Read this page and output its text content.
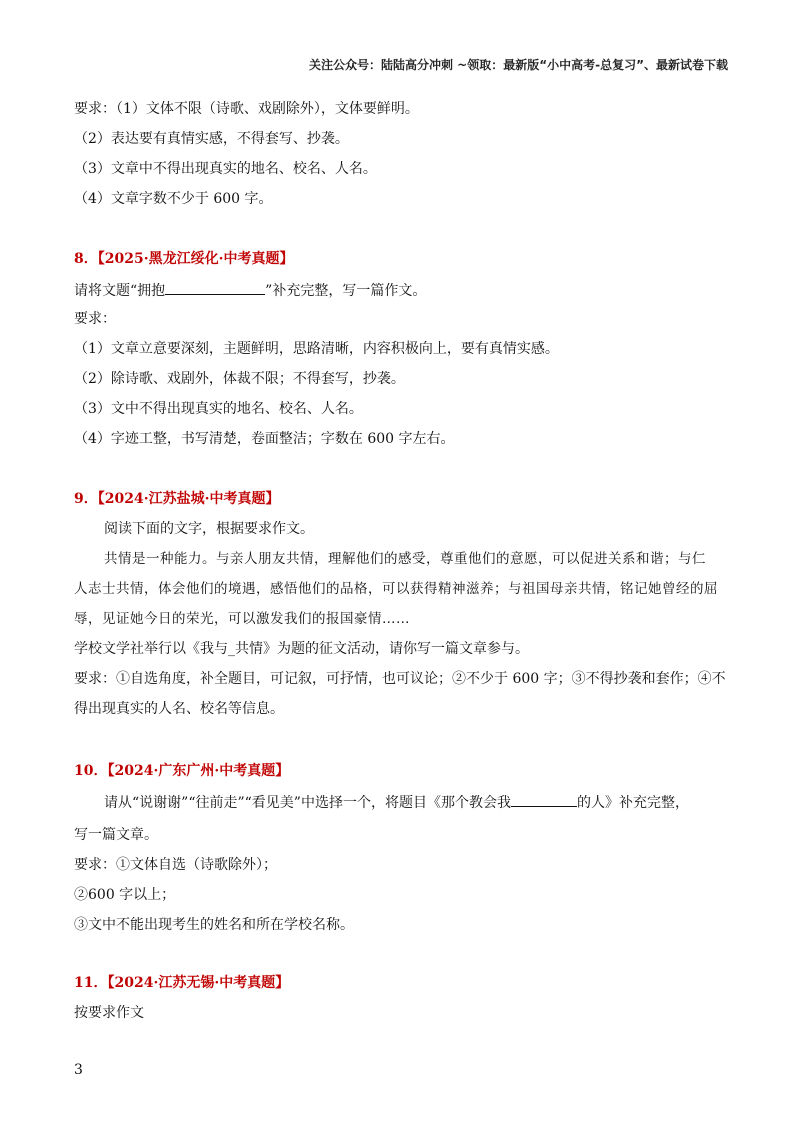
关注公众号：陆陆高分冲刺 ~领取：最新版“小中高考-总复习”、最新试卷下载
要求：（1）文体不限（诗歌、戏剧除外），文体要鲜明。
（2）表达要有真情实感，不得套写、抄袭。
（3）文章中不得出现真实的地名、校名、人名。
（4）文章字数不少于 600 字。
8．【2025·黑龙江绥化·中考真题】
请将文题“拥抱	”补充完整，写一篇作文。
要求：
（1）文章立意要深刻，主题鲜明，思路清晰，内容积极向上，要有真情实感。
（2）除诗歌、戏剧外，体裁不限；不得套写，抄袭。
（3）文中不得出现真实的地名、校名、人名。
（4）字迹工整，书写清楚，卷面整洁；字数在 600 字左右。
9．【2024·江苏盐城·中考真题】
阅读下面的文字，根据要求作文。
共情是一种能力。与亲人朋友共情，理解他们的感受，尊重他们的意愿，可以促进关系和谐；与仁
人志士共情，体会他们的境遇，感悟他们的品格，可以获得精神滋养；与祖国母亲共情，铭记她曾经的屈
辱，见证她今日的荣光，可以激发我们的报国豪情……
学校文学社举行以《我与_共情》为题的征文活动，请你写一篇文章参与。
要求：①自选角度，补全题目，可记叙，可抒情，也可议论；②不少于 600 字；③不得抄袭和套作；④不
得出现真实的人名、校名等信息。
10．【2024·广东广州·中考真题】
请从“说谢谢”“往前走”“看见美”中选择一个，将题目《那个教会我	的人》补充完整，
写一篇文章。
要求：①文体自选（诗歌除外）；
②600 字以上；
③文中不能出现考生的姓名和所在学校名称。
11．【2024·江苏无锡·中考真题】
按要求作文
3
